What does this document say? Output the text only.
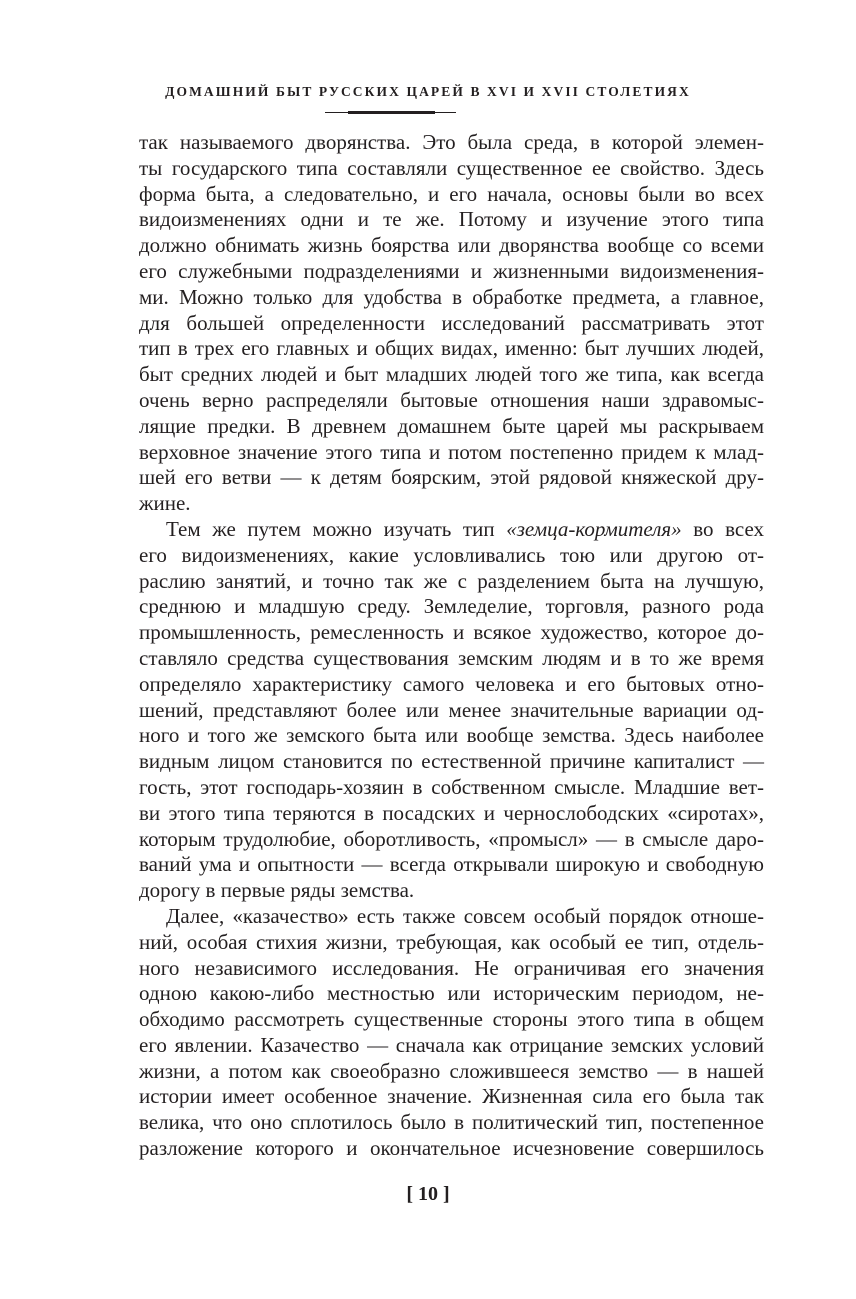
ДОМАШНИЙ БЫТ РУССКИХ ЦАРЕЙ В XVI И XVII СТОЛЕТИЯХ
так называемого дворянства. Это была среда, в которой элемен-
ты государского типа составляли существенное ее свойство. Здесь
форма быта, а следовательно, и его начала, основы были во всех
видоизменениях одни и те же. Потому и изучение этого типа
должно обнимать жизнь боярства или дворянства вообще со всеми
его служебными подразделениями и жизненными видоизменения-
ми. Можно только для удобства в обработке предмета, а главное,
для большей определенности исследований рассматривать этот
тип в трех его главных и общих видах, именно: быт лучших людей,
быт средних людей и быт младших людей того же типа, как всегда
очень верно распределяли бытовые отношения наши здравомыс-
лящие предки. В древнем домашнем быте царей мы раскрываем
верховное значение этого типа и потом постепенно придем к млад-
шей его ветви — к детям боярским, этой рядовой княжеской дру-
жине.
Тем же путем можно изучать тип «земца-кормителя» во всех
его видоизменениях, какие условливались тою или другою от-
раслию занятий, и точно так же с разделением быта на лучшую,
среднюю и младшую среду. Земледелие, торговля, разного рода
промышленность, ремесленность и всякое художество, которое до-
ставляло средства существования земским людям и в то же время
определяло характеристику самого человека и его бытовых отно-
шений, представляют более или менее значительные вариации од-
ного и того же земского быта или вообще земства. Здесь наиболее
видным лицом становится по естественной причине капиталист —
гость, этот господарь-хозяин в собственном смысле. Младшие вет-
ви этого типа теряются в посадских и чернослободских «сиротах»,
которым трудолюбие, оборотливость, «промысл» — в смысле даро-
ваний ума и опытности — всегда открывали широкую и свободную
дорогу в первые ряды земства.
Далее, «казачество» есть также совсем особый порядок отноше-
ний, особая стихия жизни, требующая, как особый ее тип, отдель-
ного независимого исследования. Не ограничивая его значения
одною какою-либо местностью или историческим периодом, не-
обходимо рассмотреть существенные стороны этого типа в общем
его явлении. Казачество — сначала как отрицание земских условий
жизни, а потом как своеобразно сложившееся земство — в нашей
истории имеет особенное значение. Жизненная сила его была так
велика, что оно сплотилось было в политический тип, постепенное
разложение которого и окончательное исчезновение совершилось
[ 10 ]
